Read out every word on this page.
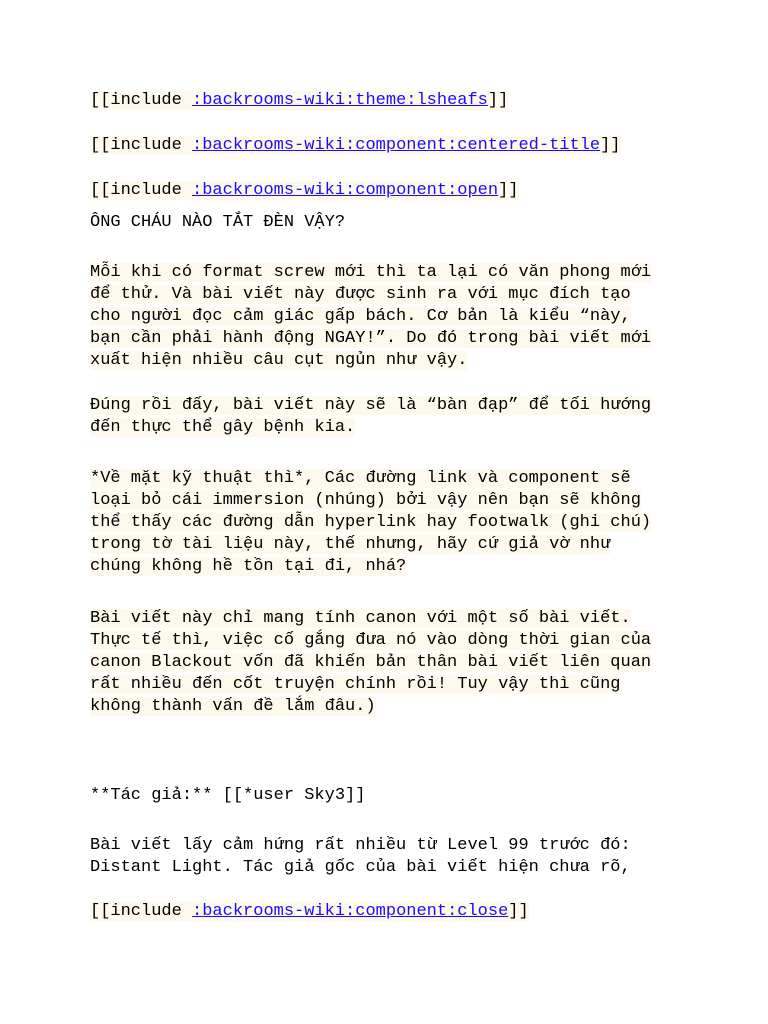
[[include :backrooms-wiki:theme:lsheafs]]
[[include :backrooms-wiki:component:centered-title]]
[[include :backrooms-wiki:component:open]]
ÔNG CHÁU NÀO TẮT ĐÈN VẬY?
Mỗi khi có format screw mới thì ta lại có văn phong mới
để thử. Và bài viết này được sinh ra với mục đích tạo
cho người đọc cảm giác gấp bách. Cơ bản là kiểu “này,
bạn cần phải hành động NGAY!”. Do đó trong bài viết mới
xuất hiện nhiều câu cụt ngủn như vậy.
Đúng rồi đấy, bài viết này sẽ là “bàn đạp” để tối hướng
đến thực thể gây bệnh kia.
*Về mặt kỹ thuật thì*, Các đường link và component sẽ
loại bỏ cái immersion (nhúng) bởi vậy nên bạn sẽ không
thể thấy các đường dẫn hyperlink hay footwalk (ghi chú)
trong tờ tài liệu này, thế nhưng, hãy cứ giả vờ như
chúng không hề tồn tại đi, nhá?
Bài viết này chỉ mang tính canon với một số bài viết.
Thực tế thì, việc cố gắng đưa nó vào dòng thời gian của
canon Blackout vốn đã khiến bản thân bài viết liên quan
rất nhiều đến cốt truyện chính rồi! Tuy vậy thì cũng
không thành vấn đề lắm đâu.)
**Tác giả:** [[*user Sky3]]
Bài viết lấy cảm hứng rất nhiều từ Level 99 trước đó:
Distant Light. Tác giả gốc của bài viết hiện chưa rõ,
[[include :backrooms-wiki:component:close]]
